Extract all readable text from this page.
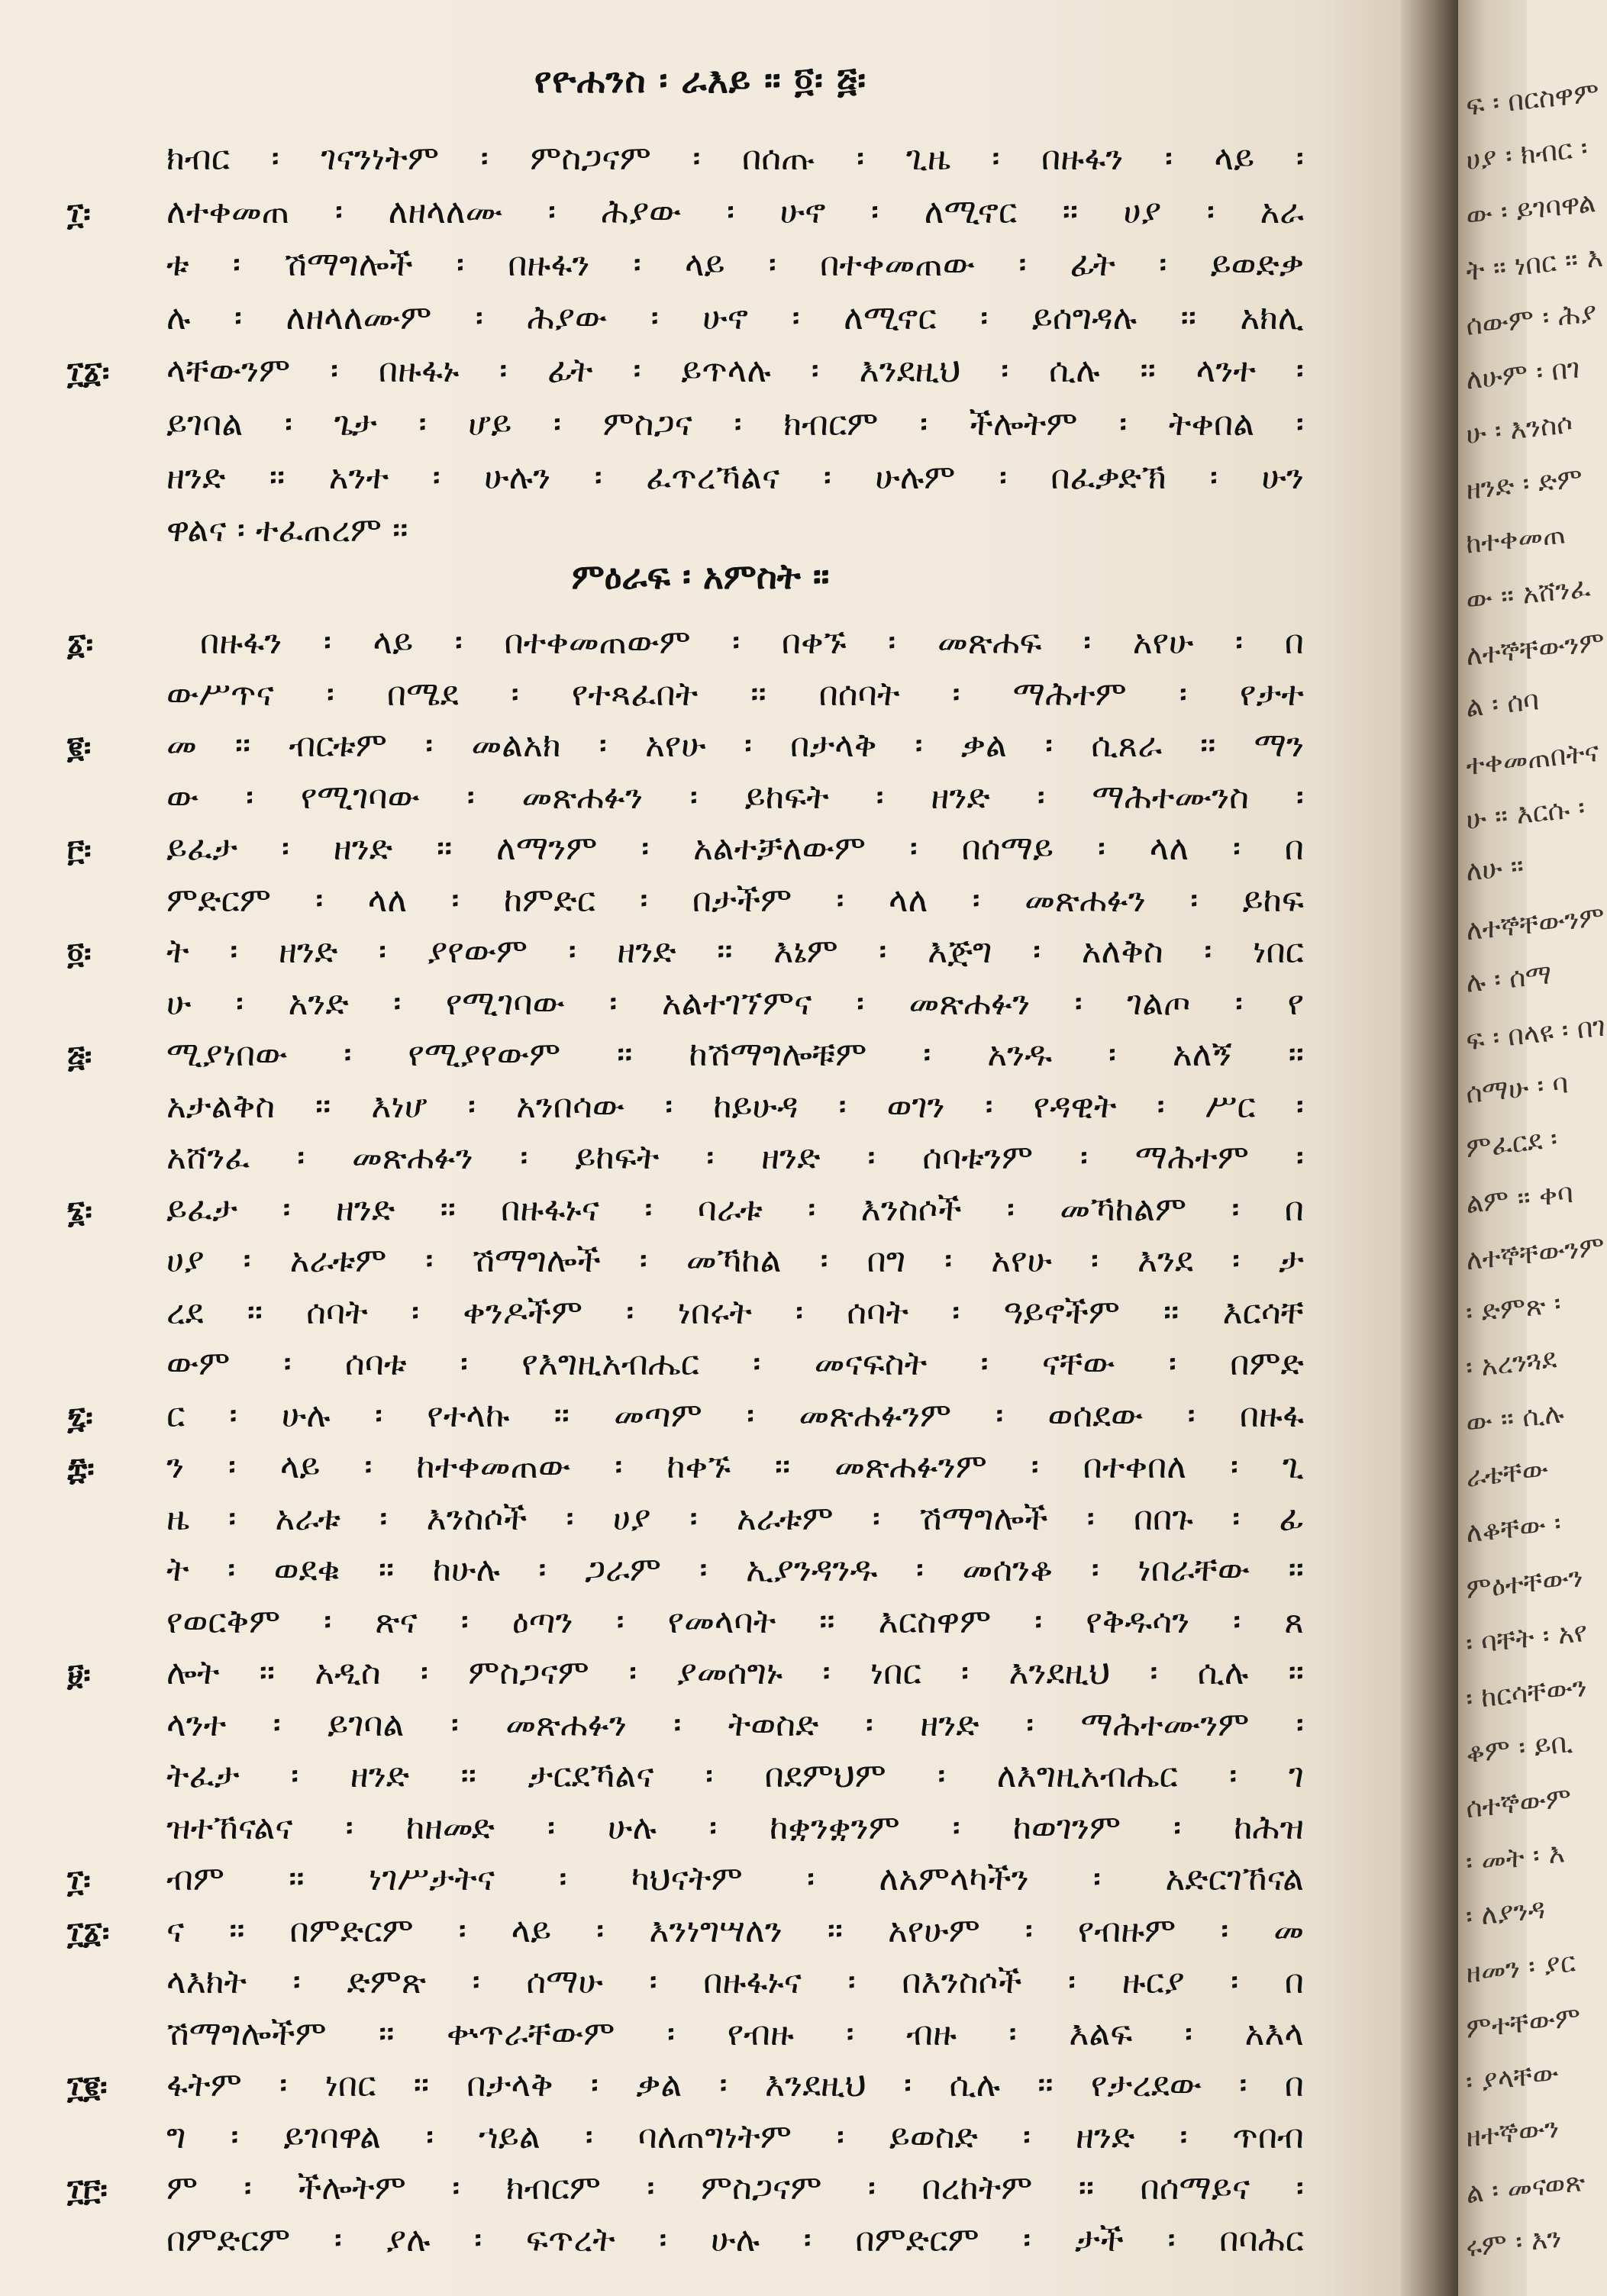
የዮሐንስ ፡ ራእይ ። ፬፡ ፭፡
ምዕራፍ ፡ አምስት ።
ክብር ፡ ገናንነትም ፡ ምስጋናም ፡ በሰጡ ፡ ጊዜ ፡ በዙፋን ፡ ላይ ፡
ለተቀመጠ ፡ ለዘላለሙ ፡ ሕያው ፡ ሁኖ ፡ ለሚኖር ። ሀያ ፡ አራ
ቱ ፡ ሽማግሎች ፡ በዙፋን ፡ ላይ ፡ በተቀመጠው ፡ ፊት ፡ ይወድቃ
ሉ ፡ ለዘላለሙም ፡ ሕያው ፡ ሁኖ ፡ ለሚኖር ፡ ይሰግዳሉ ። አክሊ
ላቸውንም ፡ በዙፋኑ ፡ ፊት ፡ ይጥላሉ ፡ እንደዚህ ፡ ሲሉ ። ላንተ ፡
ይገባል ፡ ጌታ ፡ ሆይ ፡ ምስጋና ፡ ክብርም ፡ ችሎትም ፡ ትቀበል ፡
ዘንድ ። አንተ ፡ ሁሉን ፡ ፈጥረኻልና ፡ ሁሉም ፡ በፈቃድኽ ፡ ሁን
ዋልና ፡ ተፈጠረም ።
በዙፋን ፡ ላይ ፡ በተቀመጠውም ፡ በቀኙ ፡ መጽሐፍ ፡ አየሁ ፡ በ
ውሥጥና ፡ በሜደ ፡ የተጻፈበት ። በሰባት ፡ ማሕተም ፡ የታተ
መ ። ብርቱም ፡ መልአክ ፡ አየሁ ፡ በታላቅ ፡ ቃል ፡ ሲጸራ ። ማን
ው ፡ የሚገባው ፡ መጽሐፉን ፡ ይከፍት ፡ ዘንድ ፡ ማሕተሙንስ ፡
ይፈታ ፡ ዘንድ ። ለማንም ፡ አልተቻለውም ፡ በሰማይ ፡ ላለ ፡ በ
ምድርም ፡ ላለ ፡ ከምድር ፡ በታችም ፡ ላለ ፡ መጽሐፉን ፡ ይከፍ
ት ፡ ዘንድ ፡ ያየውም ፡ ዘንድ ። እኔም ፡ እጅግ ፡ አለቅስ ፡ ነበር
ሁ ፡ አንድ ፡ የሚገባው ፡ አልተገኘምና ፡ መጽሐፉን ፡ ገልጦ ፡ የ
ሚያነበው ፡ የሚያየውም ። ከሽማግሎቹም ፡ አንዱ ፡ አለኝ ።
አታልቅስ ። እነሆ ፡ አንበሳው ፡ ከይሁዳ ፡ ወገን ፡ የዳዊት ፡ ሥር ፡
አሸንፈ ፡ መጽሐፉን ፡ ይከፍት ፡ ዘንድ ፡ ሰባቱንም ፡ ማሕተም ፡
ይፈታ ፡ ዘንድ ። በዙፋኑና ፡ ባራቱ ፡ እንስሶች ፡ መኻከልም ፡ በ
ሀያ ፡ አራቱም ፡ ሽማግሎች ፡ መኻከል ፡ በግ ፡ አየሁ ፡ እንደ ፡ ታ
ረደ ። ሰባት ፡ ቀንዶችም ፡ ነበሩት ፡ ሰባት ፡ ዓይኖችም ። እርሳቸ
ውም ፡ ሰባቱ ፡ የእግዚአብሔር ፡ መናፍስት ፡ ናቸው ፡ በምድ
ር ፡ ሁሉ ፡ የተላኩ ። መጣም ፡ መጽሐፉንም ፡ ወሰደው ፡ በዙፋ
ን ፡ ላይ ፡ ከተቀመጠው ፡ ከቀኙ ። መጽሐፉንም ፡ በተቀበለ ፡ ጊ
ዜ ፡ አራቱ ፡ እንስሶች ፡ ሀያ ፡ አራቱም ፡ ሽማግሎች ፡ በበጉ ፡ ፊ
ት ፡ ወደቁ ። ከሁሉ ፡ ጋራም ፡ ኢያንዳንዱ ፡ መሰንቆ ፡ ነበራቸው ።
የወርቅም ፡ ጽና ፡ ዕጣን ፡ የመላባት ። እርስዋም ፡ የቅዱሳን ፡ ጸ
ሎት ። አዲስ ፡ ምስጋናም ፡ ያመሰግኑ ፡ ነበር ፡ እንደዚህ ፡ ሲሉ ።
ላንተ ፡ ይገባል ፡ መጽሐፉን ፡ ትወስድ ፡ ዘንድ ፡ ማሕተሙንም ፡
ትፈታ ፡ ዘንድ ። ታርደኻልና ፡ በደምህም ፡ ለእግዚአብሔር ፡ ገ
ዝተኸናልና ፡ ከዘመድ ፡ ሁሉ ፡ ከቋንቋንም ፡ ከወገንም ፡ ከሕዝ
ብም ። ነገሥታትና ፡ ካህናትም ፡ ለአምላካችን ፡ አድርገኸናል
ና ። በምድርም ፡ ላይ ፡ እንነግሣለን ። አየሁም ፡ የብዙም ፡ መ
ላእክት ፡ ድምጽ ፡ ሰማሁ ፡ በዙፋኑና ፡ በእንስሶች ፡ ዙርያ ፡ በ
ሽማግሎችም ። ቍጥራቸውም ፡ የብዙ ፡ ብዙ ፡ እልፍ ፡ አእላ
ፋትም ፡ ነበር ። በታላቅ ፡ ቃል ፡ እንደዚህ ፡ ሲሉ ። የታረደው ፡ በ
ግ ፡ ይገባዋል ፡ ኀይል ፡ ባለጠግነትም ፡ ይወስድ ፡ ዘንድ ፡ ጥበብ
ም ፡ ችሎትም ፡ ክብርም ፡ ምስጋናም ፡ በረከትም ። በሰማይና ፡
በምድርም ፡ ያሉ ፡ ፍጥረት ፡ ሁሉ ፡ በምድርም ፡ ታች ፡ በባሕር
፲፡
፲፩፡
፩፡
፪፡
፫፡
፬፡
፭፡
፮፡
፯፡
፰፡
፱፡
፲፡
፲፩፡
፲፪፡
፲፫፡
ፍ ፡ በርስዋም
ሀያ ፡ ክብር ፡
ው ፡ ይገባዋል
ት ። ነበር ። እ
ሰውም ፡ ሕያ
ለሁም ፡ በገ
ሁ ፡ እንስሶ
ዘንድ ፡ ድም
ከተቀመጠ
ው ። አሸንፈ
ለተኞቸውንም
ል ፡ ሰባ
ተቀመጠበትና
ሁ ። እርሱ ፡
ለሁ ።
ለተኞቸውንም
ሉ ፡ ሰማ
ፍ ፡ በላዩ ፡ በገ
ሰማሁ ፡ ባ
ምፈርደ ፡
ልም ። ቀባ
ለተኞቸውንም
፡ ድምጽ ፡
፡ አረንጓደ
ው ። ሲሉ
ራቴቸው
ለቆቸው ፡
ምዕተቸውን
፡ ባቸት ፡ አየ
፡ ከርሳቸውን
ቆም ፡ ይቢ
ሰተኞውም
፡ መት ፡ እ
፡ ለያንዳ
ዘመን ፡ ያር
ምተቸውም
፡ ያላቸው
ዘተኞውን
ል ፡ መናወጽ
ሩም ፡ እን
